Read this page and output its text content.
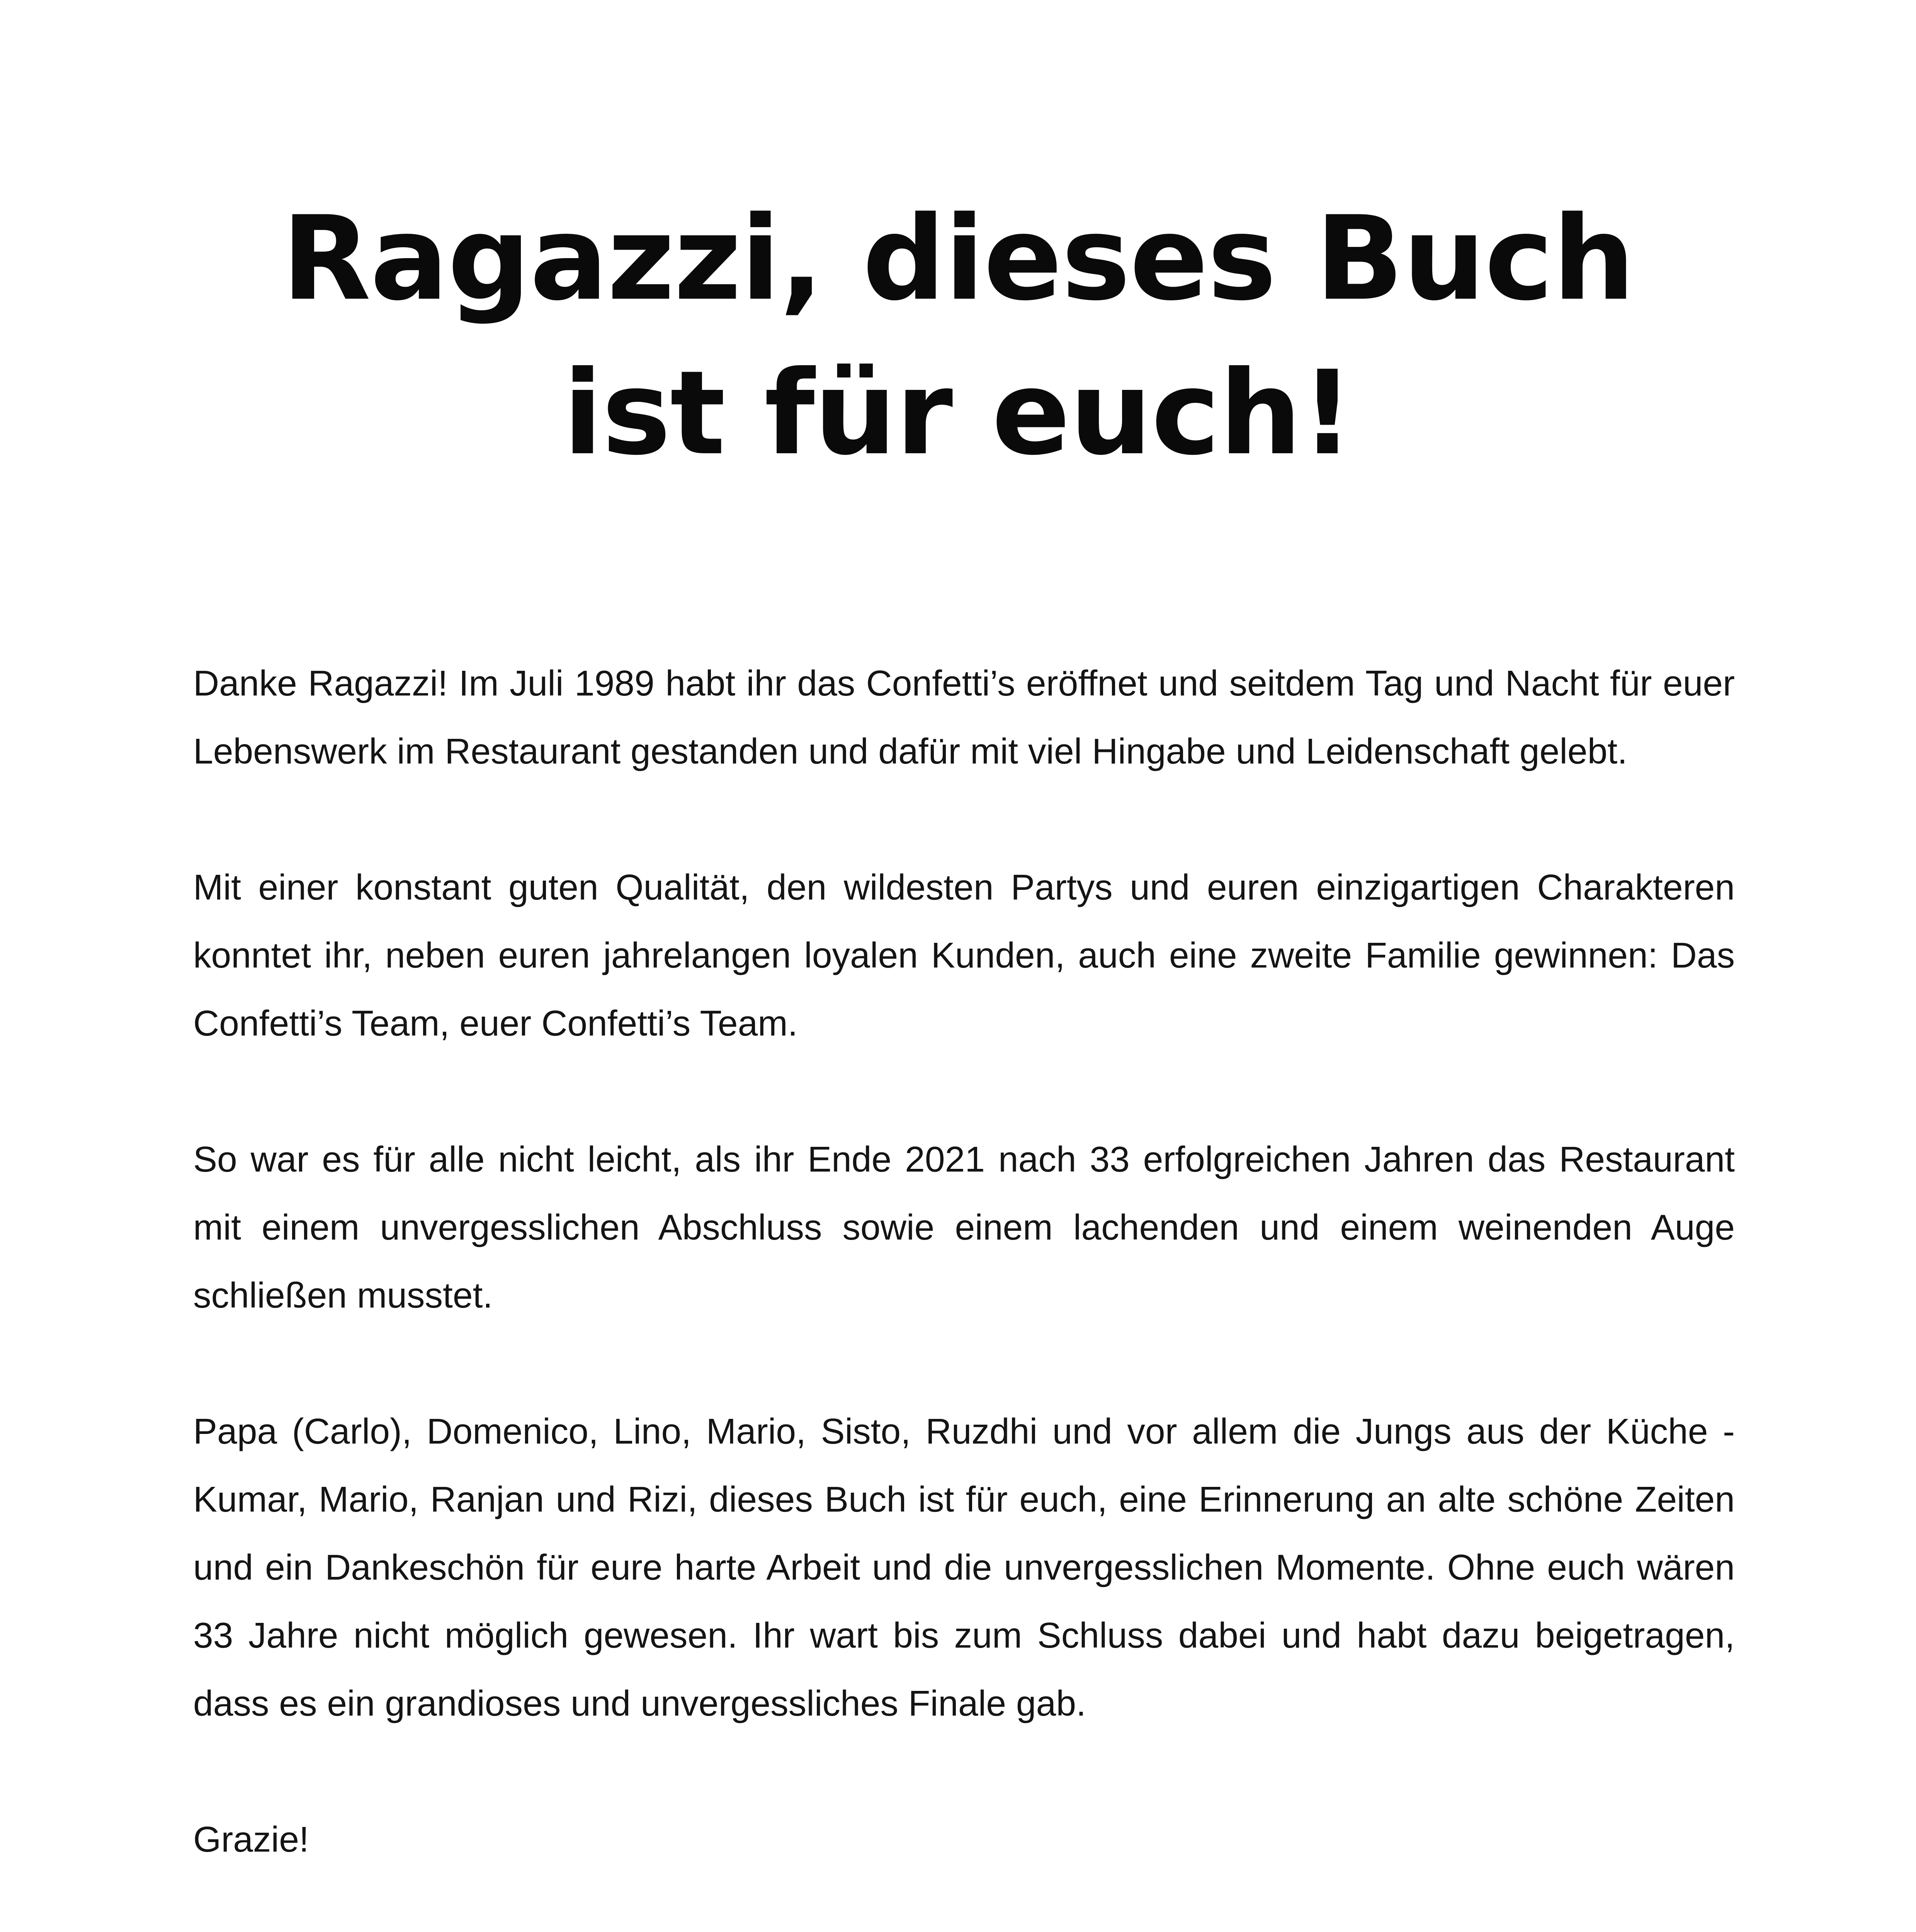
Ragazzi, dieses Buch
ist für euch!

Danke Ragazzi! Im Juli 1989 habt ihr das Confetti’s eröffnet und seitdem Tag und Nacht für euer Lebenswerk im Restaurant gestanden und dafür mit viel Hingabe und Leidenschaft gelebt.

Mit einer konstant guten Qualität, den wildesten Partys und euren einzigartigen Charakteren konntet ihr, neben euren jahrelangen loyalen Kunden, auch eine zweite Familie gewinnen: Das Confetti’s Team, euer Confetti’s Team.

So war es für alle nicht leicht, als ihr Ende 2021 nach 33 erfolgreichen Jahren das Restaurant mit einem unvergesslichen Abschluss sowie einem lachenden und einem weinenden Auge schließen musstet.

Papa (Carlo), Domenico, Lino, Mario, Sisto, Ruzdhi und vor allem die Jungs aus der Küche - Kumar, Mario, Ranjan und Rizi, dieses Buch ist für euch, eine Erinnerung an alte schöne Zeiten und ein Dankeschön für eure harte Arbeit und die unvergesslichen Momente. Ohne euch wären 33 Jahre nicht möglich gewesen. Ihr wart bis zum Schluss dabei und habt dazu beigetragen, dass es ein grandioses und unvergessliches Finale gab.

Grazie!
